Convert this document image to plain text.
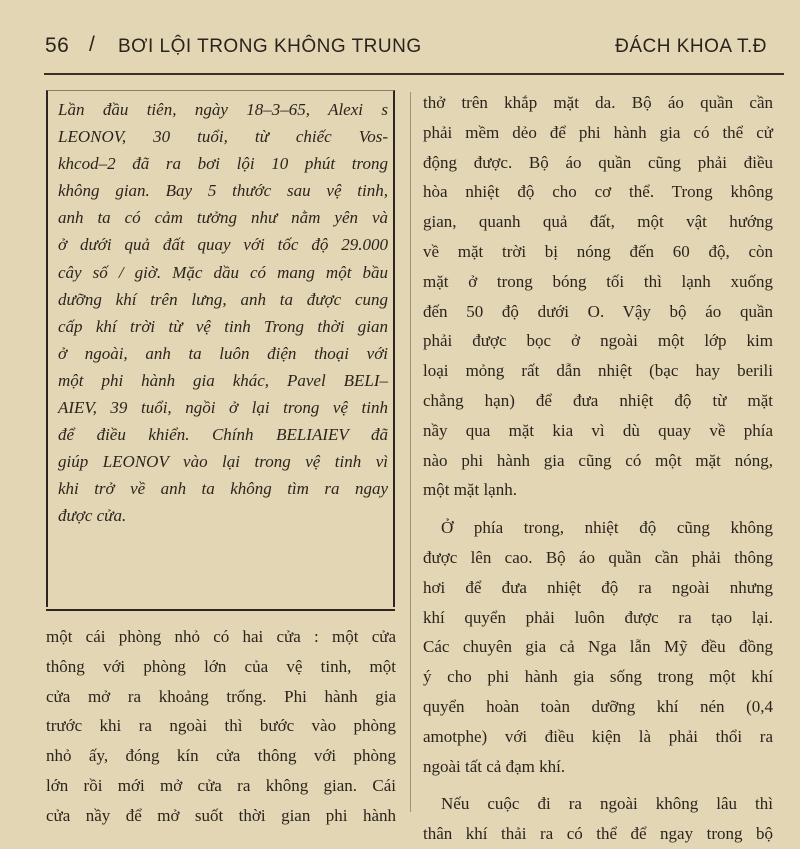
56 / BƠI LỘI TRONG KHÔNG TRUNG	ĐÁCH KHOA T.Đ
Lần đầu tiên, ngày 18–3–65, Alexi s
LEONOV, 30 tuổi, từ chiếc Vos-
khcod–2 đã ra bơi lội 10 phút trong
không gian. Bay 5 thước sau vệ tinh,
anh ta có cảm tưởng như nằm yên và
ở dưới quả đất quay với tốc độ 29.000
cây số / giờ. Mặc dầu có mang một bầu
dưỡng khí trên lưng, anh ta được cung
cấp khí trời từ vệ tinh Trong thời gian
ở ngoài, anh ta luôn điện thoại với
một phi hành gia khác, Pavel BELI–
AIEV, 39 tuổi, ngồi ở lại trong vệ tinh
để điều khiển. Chính BELIAIEV đã
giúp LEONOV vào lại trong vệ tinh vì
khi trở về anh ta không tìm ra ngay
được cửa.
một cái phòng nhỏ có hai cửa : một cửa
thông với phòng lớn của vệ tinh, một
cửa mở ra khoảng trống. Phi hành gia
trước khi ra ngoài thì bước vào phòng
nhỏ ấy, đóng kín cửa thông với phòng
lớn rồi mới mở cửa ra không gian. Cái
cửa nầy để mở suốt thời gian phi hành
thở trên khắp mặt da. Bộ áo quần cần
phải mềm dẻo để phi hành gia có thể cử
động được. Bộ áo quần cũng phải điều
hòa nhiệt độ cho cơ thể. Trong không
gian, quanh quả đất, một vật hướng
về mặt trời bị nóng đến 60 độ, còn
mặt ở trong bóng tối thì lạnh xuống
đến 50 độ dưới O. Vậy bộ áo quần
phải được bọc ở ngoài một lớp kim
loại mỏng rất dẫn nhiệt (bạc hay berili
chẳng hạn) để đưa nhiệt độ từ mặt
nầy qua mặt kia vì dù quay về phía
nào phi hành gia cũng có một mặt nóng,
một mặt lạnh.
Ở phía trong, nhiệt độ cũng không
được lên cao. Bộ áo quần cần phải thông
hơi để đưa nhiệt độ ra ngoài nhưng
khí quyển phải luôn được ra tạo lại.
Các chuyên gia cả Nga lẫn Mỹ đều đồng
ý cho phi hành gia sống trong một khí
quyển hoàn toàn dưỡng khí nén (0,4
amotphe) với điều kiện là phải thổi ra
ngoài tất cả đạm khí.
Nếu cuộc đi ra ngoài không lâu thì
thân khí thải ra có thể để ngay trong bộ
